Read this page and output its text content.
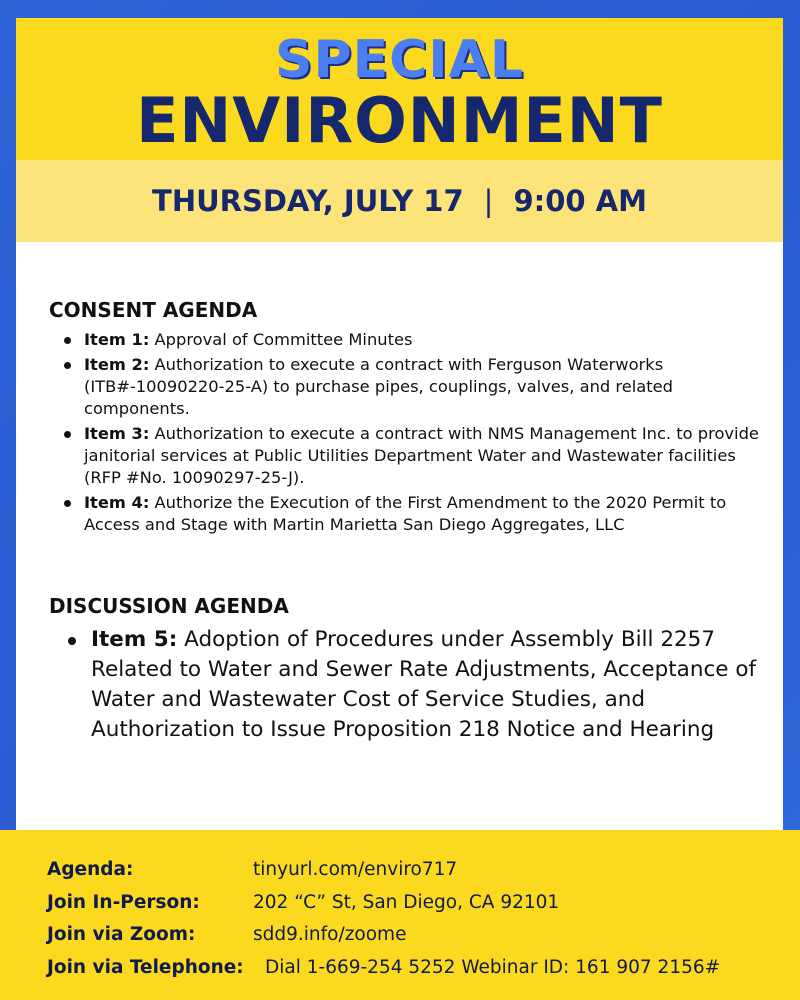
SPECIAL
ENVIRONMENT
THURSDAY, JULY 17 | 9:00 AM
CONSENT AGENDA
Item 1: Approval of Committee Minutes
Item 2: Authorization to execute a contract with Ferguson Waterworks (ITB#-10090220-25-A) to purchase pipes, couplings, valves, and related components.
Item 3: Authorization to execute a contract with NMS Management Inc. to provide janitorial services at Public Utilities Department Water and Wastewater facilities (RFP #No. 10090297-25-J).
Item 4: Authorize the Execution of the First Amendment to the 2020 Permit to Access and Stage with Martin Marietta San Diego Aggregates, LLC
DISCUSSION AGENDA
Item 5: Adoption of Procedures under Assembly Bill 2257 Related to Water and Sewer Rate Adjustments, Acceptance of Water and Wastewater Cost of Service Studies, and Authorization to Issue Proposition 218 Notice and Hearing
Agenda:	tinyurl.com/enviro717
Join In-Person:	202 “C” St, San Diego, CA 92101
Join via Zoom:	sdd9.info/zoome
Join via Telephone: Dial 1-669-254 5252 Webinar ID: 161 907 2156#
